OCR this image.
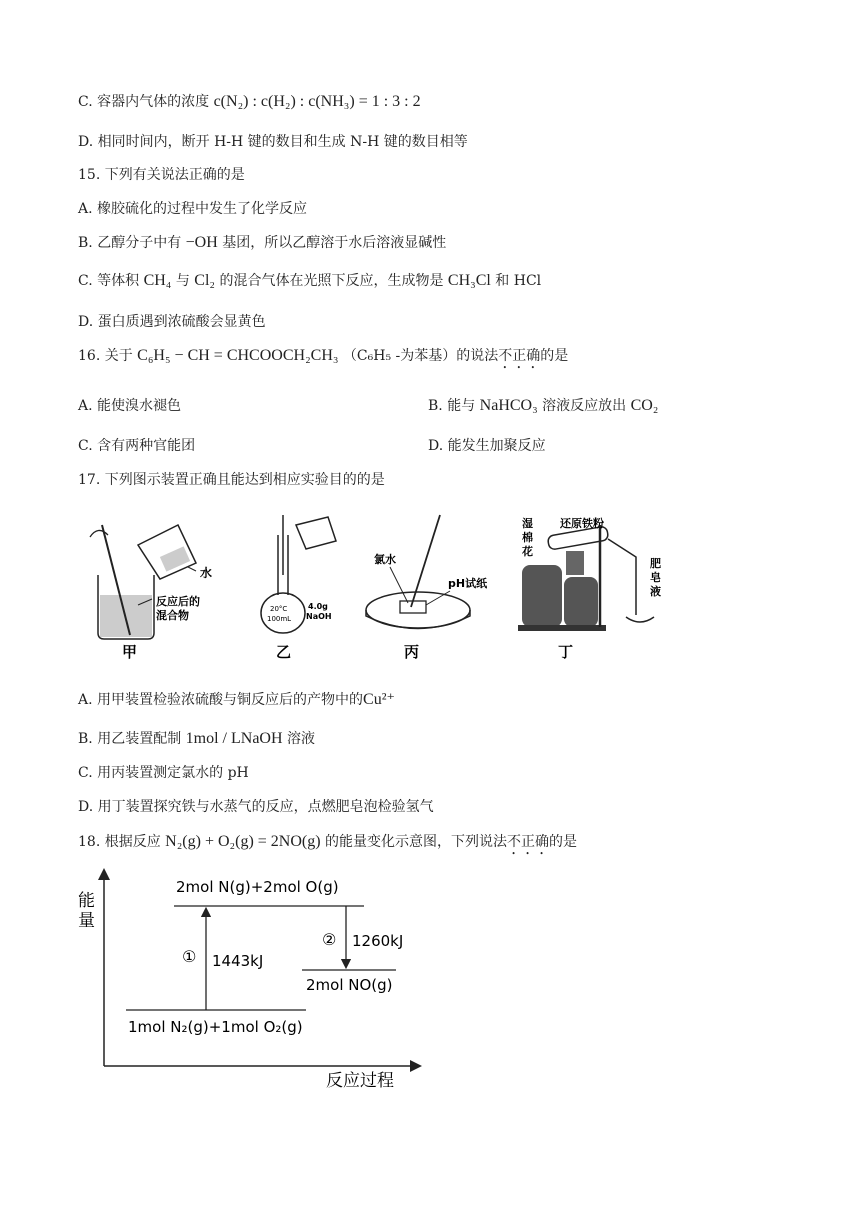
C. 容器内气体的浓度 c(N₂) : c(H₂) : c(NH₃) = 1 : 3 : 2
D. 相同时间内，断开 H-H 键的数目和生成 N-H 键的数目相等
15. 下列有关说法正确的是
A. 橡胶硫化的过程中发生了化学反应
B. 乙醇分子中有 −OH 基团，所以乙醇溶于水后溶液显碱性
C. 等体积 CH₄ 与 Cl₂ 的混合气体在光照下反应，生成物是 CH₃Cl 和 HCl
D. 蛋白质遇到浓硫酸会显黄色
16. 关于 C₆H₅ − CH = CHCOOCH₂CH₃ （C₆H₅ -为苯基）的说法不正确的是
A. 能使溴水褪色	B. 能与 NaHCO₃ 溶液反应放出 CO₂
C. 含有两种官能团	D. 能发生加聚反应
17. 下列图示装置正确且能达到相应实验目的的是
水
反应后的
混合物
甲
20°C
100mL
4.0g
NaOH
乙
氯水
pH试纸
丙
湿
棉
花
还原铁粉
肥
皂
液
丁
A. 用甲装置检验浓硫酸与铜反应后的产物中的Cu²⁺
B. 用乙装置配制 1mol / LNaOH 溶液
C. 用丙装置测定氯水的 pH
D. 用丁装置探究铁与水蒸气的反应，点燃肥皂泡检验氢气
18. 根据反应 N₂(g) + O₂(g) = 2NO(g) 的能量变化示意图，下列说法不正确的是
能
量
反应过程
2mol N(g)+2mol O(g)
2mol NO(g)
1mol N₂(g)+1mol O₂(g)
① 1443kJ
② 1260kJ
